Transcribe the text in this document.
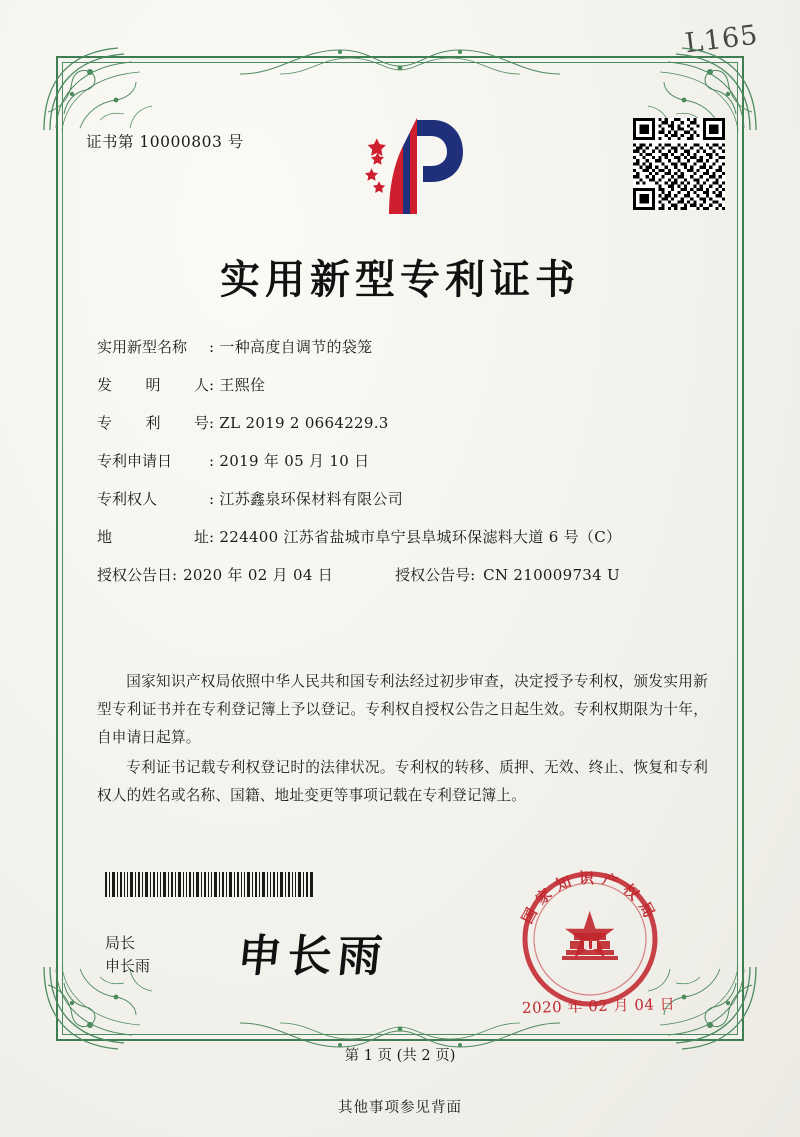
L165
证书第 10000803 号
实用新型专利证书
实用新型名称	: 一种高度自调节的袋笼
发 明 人 : 王熙佺
专 利 号 : ZL 2019 2 0664229.3
专利申请日	: 2019 年 05 月 10 日
专利权人	: 江苏鑫泉环保材料有限公司
地	址 : 224400 江苏省盐城市阜宁县阜城环保滤料大道 6 号（C）
授权公告日: 2020 年 02 月 04 日	授权公告号: CN 210009734 U

国家知识产权局依照中华人民共和国专利法经过初步审查，决定授予专利权，颁发实用新型专利证书并在专利登记簿上予以登记。专利权自授权公告之日起生效。专利权期限为十年，自申请日起算。

专利证书记载专利权登记时的法律状况。专利权的转移、质押、无效、终止、恢复和专利权人的姓名或名称、国籍、地址变更等事项记载在专利登记簿上。

局长
申长雨 申长雨
国家知识产权局
2020 年 02 月 04 日
第 1 页 (共 2 页)
其他事项参见背面
